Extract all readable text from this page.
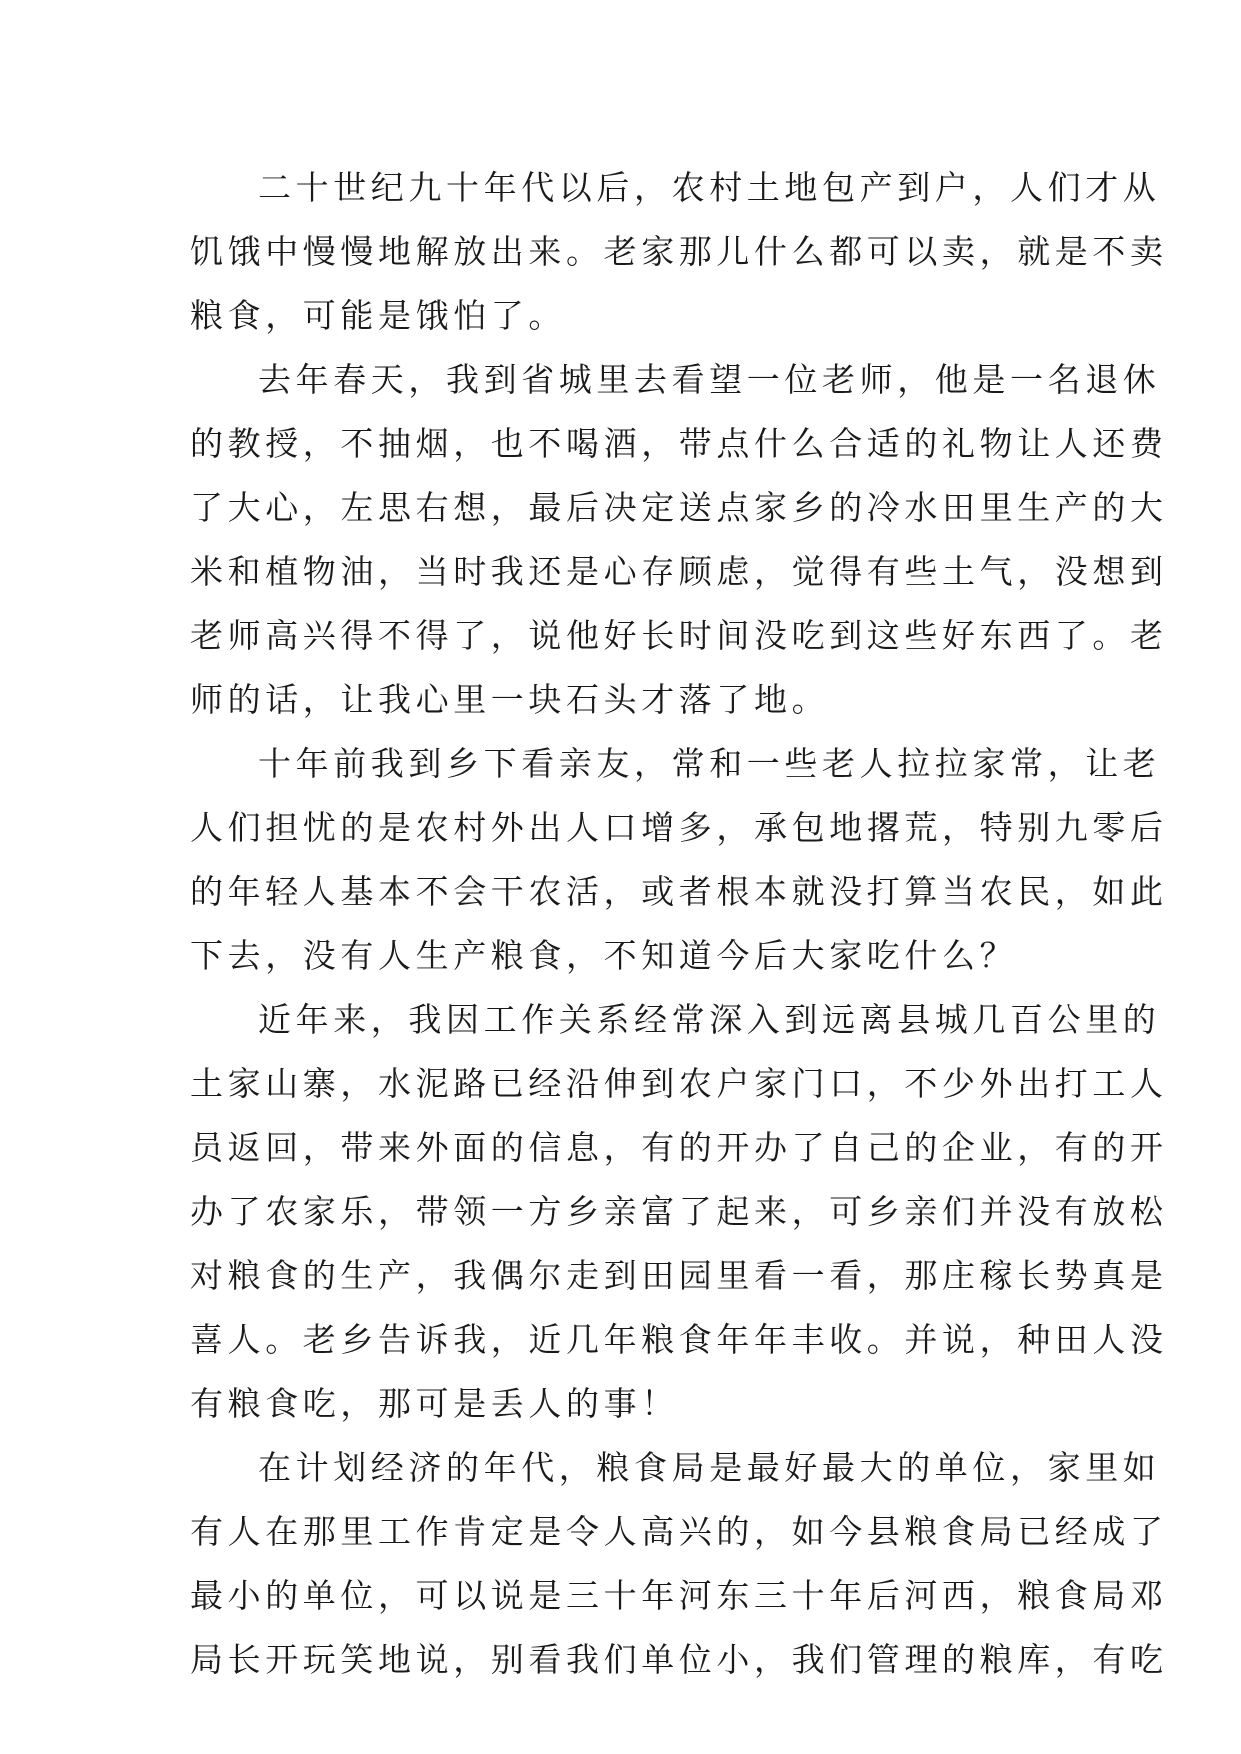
二十世纪九十年代以后，农村土地包产到户，人们才从

饥饿中慢慢地解放出来。老家那儿什么都可以卖，就是不卖

粮食，可能是饿怕了。

去年春天，我到省城里去看望一位老师，他是一名退休

的教授，不抽烟，也不喝酒，带点什么合适的礼物让人还费

了大心，左思右想，最后决定送点家乡的冷水田里生产的大

米和植物油，当时我还是心存顾虑，觉得有些土气，没想到

老师高兴得不得了，说他好长时间没吃到这些好东西了。老

师的话，让我心里一块石头才落了地。

十年前我到乡下看亲友，常和一些老人拉拉家常，让老

人们担忧的是农村外出人口增多，承包地撂荒，特别九零后

的年轻人基本不会干农活，或者根本就没打算当农民，如此

下去，没有人生产粮食，不知道今后大家吃什么？

近年来，我因工作关系经常深入到远离县城几百公里的

土家山寨，水泥路已经沿伸到农户家门口，不少外出打工人

员返回，带来外面的信息，有的开办了自己的企业，有的开

办了农家乐，带领一方乡亲富了起来，可乡亲们并没有放松

对粮食的生产，我偶尔走到田园里看一看，那庄稼长势真是

喜人。老乡告诉我，近几年粮食年年丰收。并说，种田人没

有粮食吃，那可是丢人的事！

在计划经济的年代，粮食局是最好最大的单位，家里如

有人在那里工作肯定是令人高兴的，如今县粮食局已经成了

最小的单位，可以说是三十年河东三十年后河西，粮食局邓

局长开玩笑地说，别看我们单位小，我们管理的粮库，有吃
